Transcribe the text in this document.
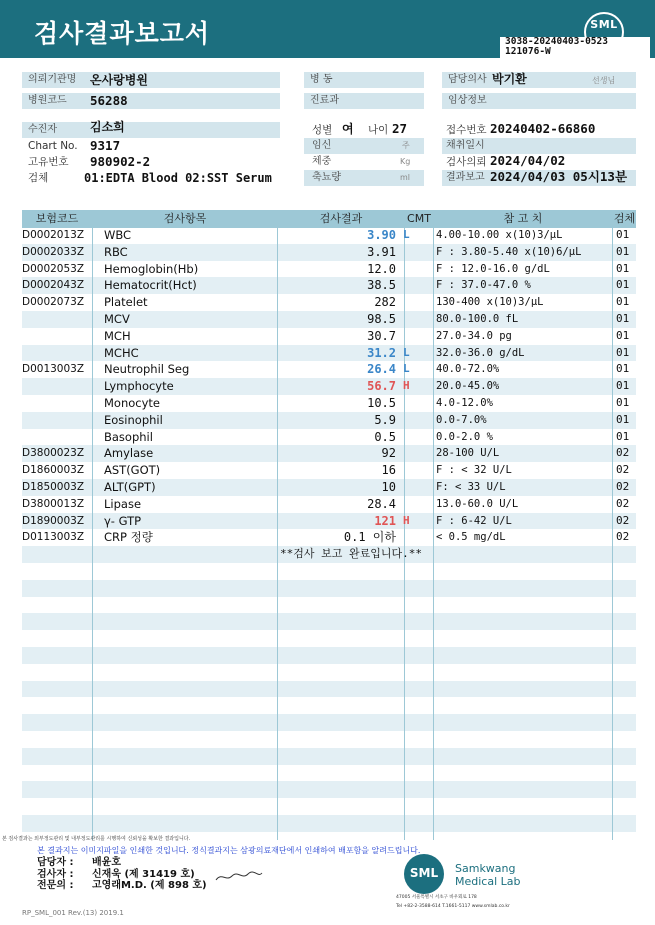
검사결과보고서	SML
3038-20240403-0523
121076-W
의뢰기관명	온사랑병원
병원코드	56288
병 동
진료과
담당의사 박기환	선생님
임상정보
수진자	김소희
Chart No. 9317
고유번호 980902-2
검체	01:EDTA Blood 02:SST Serum
성별 여 나이 27
임신	주
체중	Kg
축뇨량	ml
접수번호 20240402-66860
채취일시
검사의뢰 2024/04/02
결과보고 2024/04/03 05시13분
보험코드	검사항목	검사결과	CMT	참 고 치	검체
D0002013Z	WBC	3.90 L	4.00-10.00 x(10)3/μL	01
D0002033Z	RBC	3.91	F : 3.80-5.40 x(10)6/μL	01
D0002053Z	Hemoglobin(Hb)	12.0	F : 12.0-16.0 g/dL	01
D0002043Z	Hematocrit(Hct)	38.5	F : 37.0-47.0 %	01
D0002073Z	Platelet	282	130-400 x(10)3/μL	01
MCV	98.5	80.0-100.0 fL	01
MCH	30.7	27.0-34.0 pg	01
MCHC	31.2 L	32.0-36.0 g/dL	01
D0013003Z	Neutrophil Seg	26.4 L	40.0-72.0%	01
Lymphocyte	56.7 H	20.0-45.0%	01
Monocyte	10.5	4.0-12.0%	01
Eosinophil	5.9	0.0-7.0%	01
Basophil	0.5	0.0-2.0 %	01
D3800023Z	Amylase	92	28-100 U/L	02
D1860003Z	AST(GOT)	16	F : < 32 U/L	02
D1850003Z	ALT(GPT)	10	F: < 33 U/L	02
D3800013Z	Lipase	28.4	13.0-60.0 U/L	02
D1890003Z	γ- GTP	121 H	F : 6-42 U/L	02
D0113003Z	CRP 정량	0.1 이하	< 0.5 mg/dL	02
**검사 보고 완료입니다.**
본 검사결과는 외부정도관리 및 내부정도관리를 시행하여 신뢰성을 확보한 결과입니다.
본 결과지는 이미지파일을 인쇄한 것입니다. 정식결과지는 삼광의료재단에서 인쇄하여 배포함을 알려드립니다.
담당자 : 배윤호
검사자 : 신재욱 (제 31419 호)
전문의 : 고영래M.D. (제 898 호)
SML	Samkwang
Medical Lab
47005 서울특별시 서초구 바우뫼로 178
Tel +82-2-3588-614 T.1661-5117 www.smlab.co.kr
RP_SML_001 Rev.(13) 2019.1
